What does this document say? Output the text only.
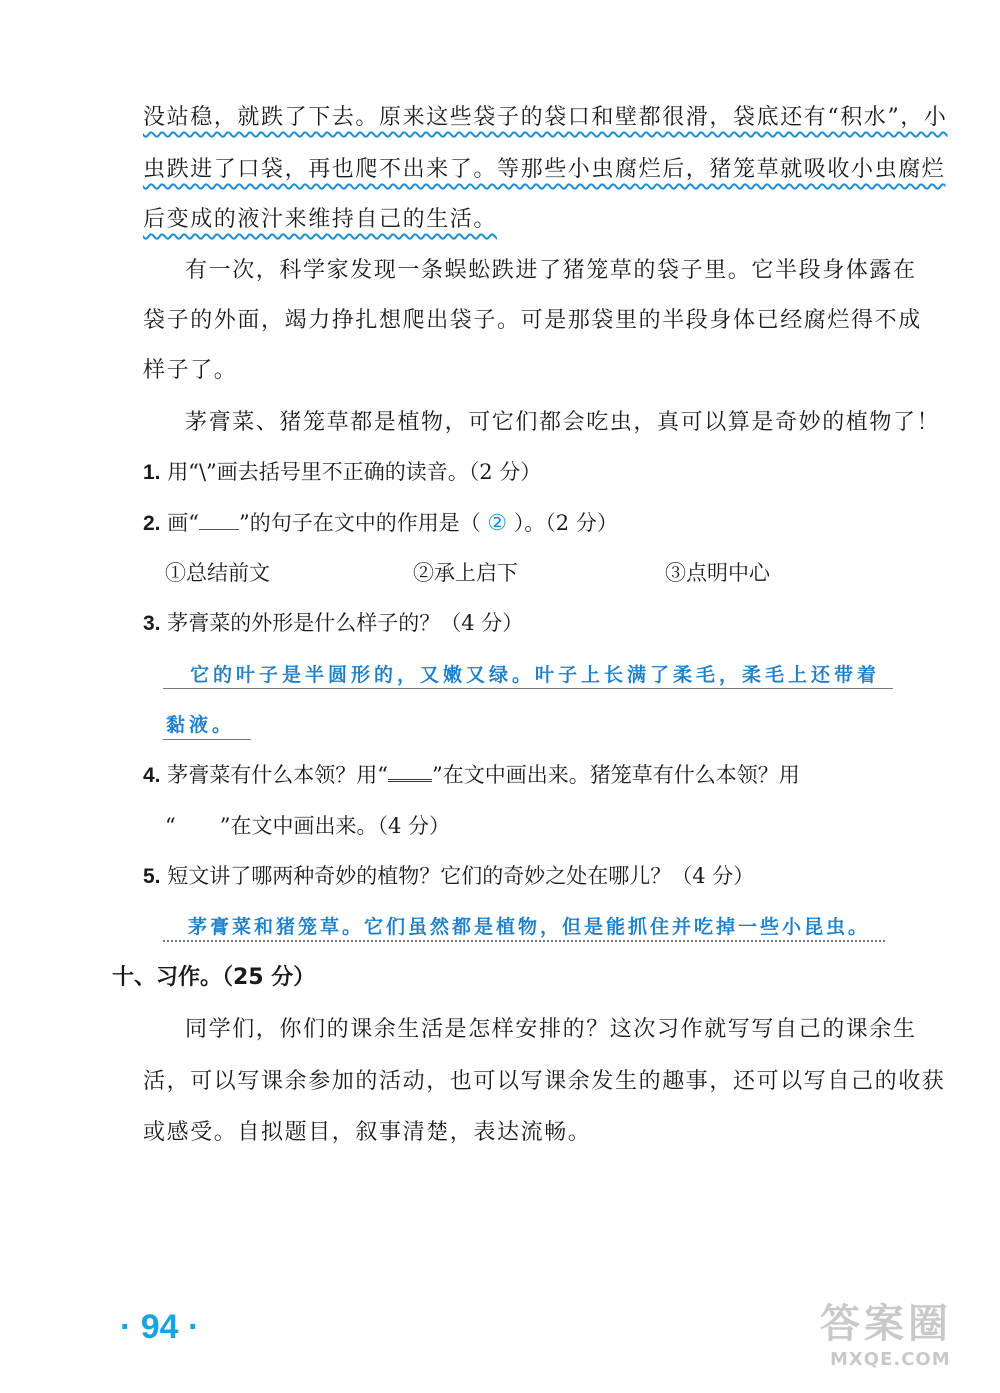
没站稳，就跌了下去。原来这些袋子的袋口和壁都很滑，袋底还有“积水”，小
虫跌进了口袋，再也爬不出来了。等那些小虫腐烂后，猪笼草就吸收小虫腐烂
后变成的液汁来维持自己的生活。
有一次，科学家发现一条蜈蚣跌进了猪笼草的袋子里。它半段身体露在
袋子的外面，竭力挣扎想爬出袋子。可是那袋里的半段身体已经腐烂得不成
样子了。
茅膏菜、猪笼草都是植物，可它们都会吃虫，真可以算是奇妙的植物了！
1. 用“\”画去括号里不正确的读音。（2 分）
2. 画“ ”的句子在文中的作用是（ ② ）。（2 分）
①总结前文	②承上启下	③点明中心
3. 茅膏菜的外形是什么样子的？（4 分）
它的叶子是半圆形的，又嫩又绿。叶子上长满了柔毛，柔毛上还带着
黏液。
4. 茅膏菜有什么本领？用“ ”在文中画出来。猪笼草有什么本领？用
“ ”在文中画出来。（4 分）
5. 短文讲了哪两种奇妙的植物？它们的奇妙之处在哪儿？（4 分）
茅膏菜和猪笼草。它们虽然都是植物，但是能抓住并吃掉一些小昆虫。
十、习作。（25 分）
同学们，你们的课余生活是怎样安排的？这次习作就写写自己的课余生
活，可以写课余参加的活动，也可以写课余发生的趣事，还可以写自己的收获
或感受。自拟题目，叙事清楚，表达流畅。
· 94 ·	答案圈
MXQE.COM
